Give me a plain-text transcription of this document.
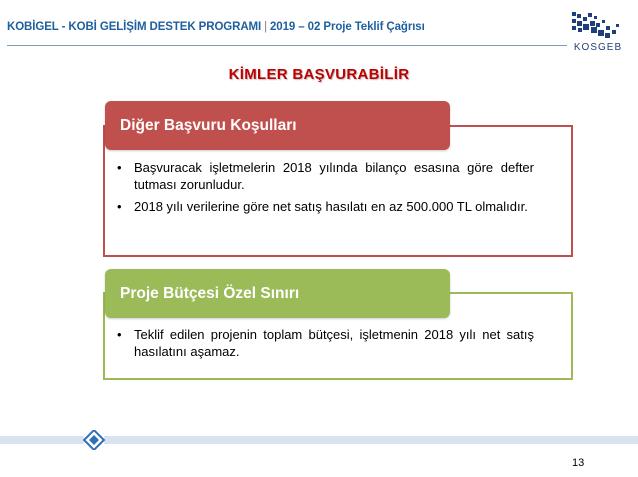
KOBİGEL - KOBİ GELİŞİM DESTEK PROGRAMI | 2019 – 02 Proje Teklif Çağrısı
KOSGEB
KİMLER BAŞVURABİLİR
Diğer Başvuru Koşulları
• Başvuracak işletmelerin 2018 yılında bilanço esasına göre defter tutması zorunludur.
• 2018 yılı verilerine göre net satış hasılatı en az 500.000 TL olmalıdır.
Proje Bütçesi Özel Sınırı
• Teklif edilen projenin toplam bütçesi, işletmenin 2018 yılı net satış hasılatını aşamaz.
13
